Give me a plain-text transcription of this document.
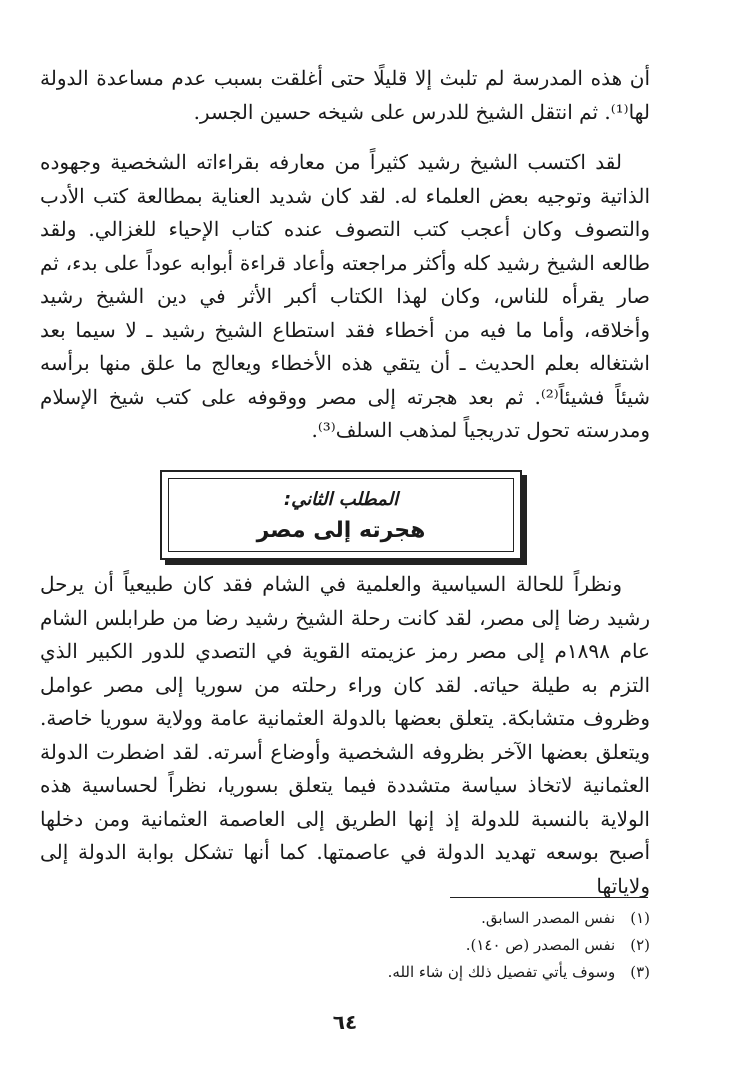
أن هذه المدرسة لم تلبث إلا قليلًا حتى أغلقت بسبب عدم مساعدة الدولة لها⁽¹⁾. ثم انتقل الشيخ للدرس على شيخه حسين الجسر.

لقد اكتسب الشيخ رشيد كثيراً من معارفه بقراءاته الشخصية وجهوده الذاتية وتوجيه بعض العلماء له. لقد كان شديد العناية بمطالعة كتب الأدب والتصوف وكان أعجب كتب التصوف عنده كتاب الإحياء للغزالي. ولقد طالعه الشيخ رشيد كله وأكثر مراجعته وأعاد قراءة أبوابه عوداً على بدء، ثم صار يقرأه للناس، وكان لهذا الكتاب أكبر الأثر في دين الشيخ رشيد وأخلاقه، وأما ما فيه من أخطاء فقد استطاع الشيخ رشيد ـ لا سيما بعد اشتغاله بعلم الحديث ـ أن يتقي هذه الأخطاء ويعالج ما علق منها برأسه شيئاً فشيئاً⁽²⁾. ثم بعد هجرته إلى مصر ووقوفه على كتب شيخ الإسلام ومدرسته تحول تدريجياً لمذهب السلف⁽³⁾.

المطلب الثاني:
هجرته إلى مصر

ونظراً للحالة السياسية والعلمية في الشام فقد كان طبيعياً أن يرحل رشيد رضا إلى مصر، لقد كانت رحلة الشيخ رشيد رضا من طرابلس الشام عام ١٨٩٨م إلى مصر رمز عزيمته القوية في التصدي للدور الكبير الذي التزم به طيلة حياته. لقد كان وراء رحلته من سوريا إلى مصر عوامل وظروف متشابكة. يتعلق بعضها بالدولة العثمانية عامة وولاية سوريا خاصة. ويتعلق بعضها الآخر بظروفه الشخصية وأوضاع أسرته. لقد اضطرت الدولة العثمانية لاتخاذ سياسة متشددة فيما يتعلق بسوريا، نظراً لحساسية هذه الولاية بالنسبة للدولة إذ إنها الطريق إلى العاصمة العثمانية ومن دخلها أصبح بوسعه تهديد الدولة في عاصمتها. كما أنها تشكل بوابة الدولة إلى ولاياتها

(١) نفس المصدر السابق.
(٢) نفس المصدر (ص ١٤٠).
(٣) وسوف يأتي تفصيل ذلك إن شاء الله.
٦٤
